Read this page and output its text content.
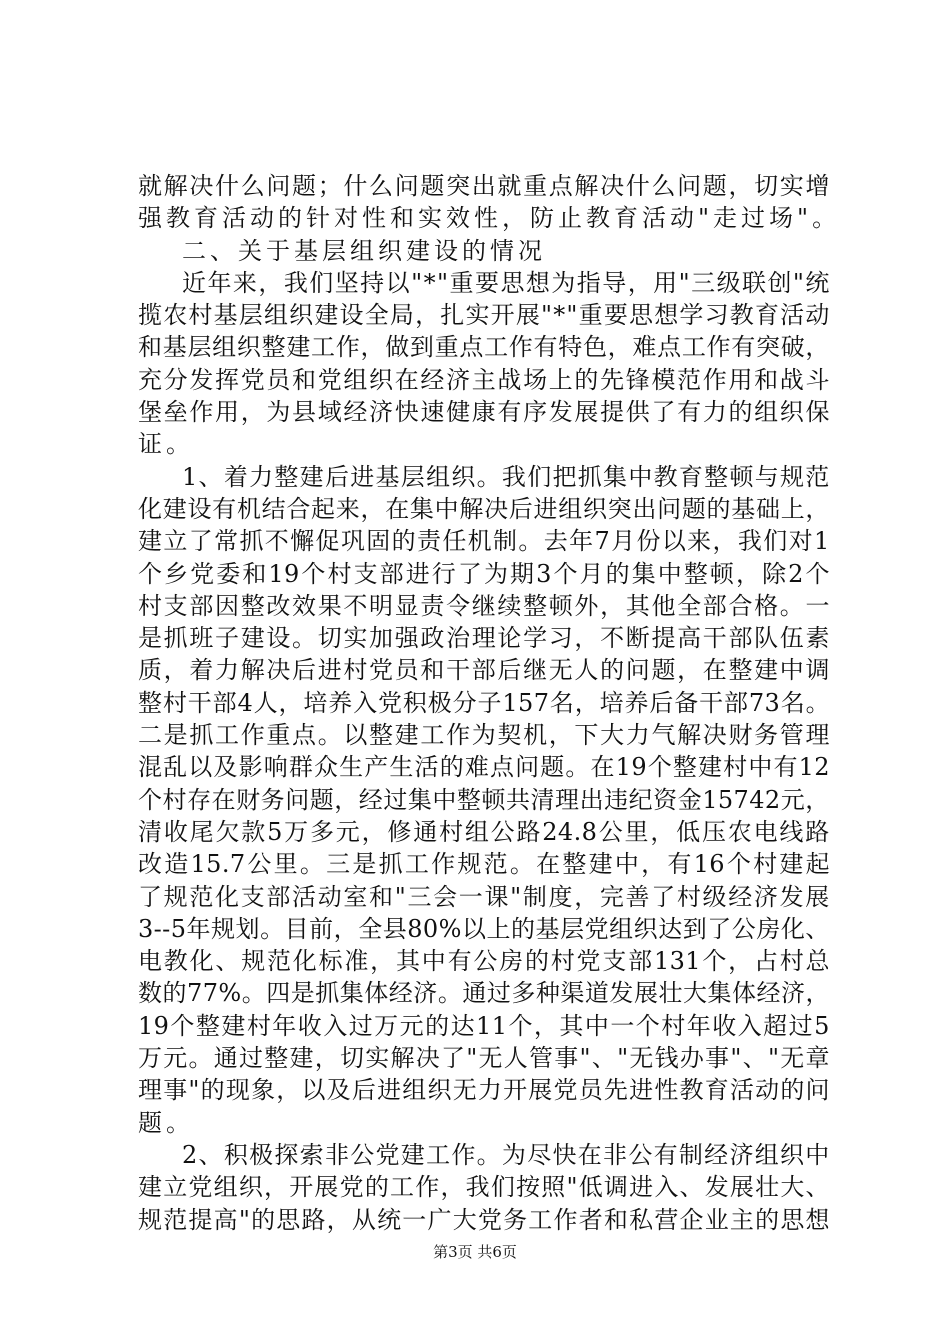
就 解 决 什 么 问 题 ； 什 么 问 题 突 出 就 重 点 解 决 什 么 问 题 ， 切 实 增
强 教 育 活 动 的 针 对 性 和 实 效 性 ， 防 止 教 育 活 动 " 走 过 场 " 。
二 、 关 于 基 层 组 织 建 设 的 情 况
近 年 来 ， 我 们 坚 持 以 " * " 重 要 思 想 为 指 导 ， 用 " 三 级 联 创 " 统
揽 农 村 基 层 组 织 建 设 全 局 ， 扎 实 开 展 " * " 重 要 思 想 学 习 教 育 活 动
和 基 层 组 织 整 建 工 作 ， 做 到 重 点 工 作 有 特 色 ， 难 点 工 作 有 突 破 ，
充 分 发 挥 党 员 和 党 组 织 在 经 济 主 战 场 上 的 先 锋 模 范 作 用 和 战 斗
堡 垒 作 用 ， 为 县 域 经 济 快 速 健 康 有 序 发 展 提 供 了 有 力 的 组 织 保
证 。
1 、 着 力 整 建 后 进 基 层 组 织 。 我 们 把 抓 集 中 教 育 整 顿 与 规 范
化 建 设 有 机 结 合 起 来 ， 在 集 中 解 决 后 进 组 织 突 出 问 题 的 基 础 上 ，
建 立 了 常 抓 不 懈 促 巩 固 的 责 任 机 制 。 去 年 7 月 份 以 来 ， 我 们 对 1
个 乡 党 委 和 19 个 村 支 部 进 行 了 为 期 3 个 月 的 集 中 整 顿 ， 除 2 个
村 支 部 因 整 改 效 果 不 明 显 责 令 继 续 整 顿 外 ， 其 他 全 部 合 格 。 一
是 抓 班 子 建 设 。 切 实 加 强 政 治 理 论 学 习 ， 不 断 提 高 干 部 队 伍 素
质 ， 着 力 解 决 后 进 村 党 员 和 干 部 后 继 无 人 的 问 题 ， 在 整 建 中 调
整 村 干 部 4 人 ， 培 养 入 党 积 极 分 子 157 名 ， 培 养 后 备 干 部 73 名 。
二 是 抓 工 作 重 点 。 以 整 建 工 作 为 契 机 ， 下 大 力 气 解 决 财 务 管 理
混 乱 以 及 影 响 群 众 生 产 生 活 的 难 点 问 题 。 在 19 个 整 建 村 中 有 12
个 村 存 在 财 务 问 题 ， 经 过 集 中 整 顿 共 清 理 出 违 纪 资 金 15742 元 ，
清 收 尾 欠 款 5 万 多 元 ， 修 通 村 组 公 路 24.8 公 里 ， 低 压 农 电 线 路
改 造 15.7 公 里 。 三 是 抓 工 作 规 范 。 在 整 建 中 ， 有 16 个 村 建 起
了 规 范 化 支 部 活 动 室 和 " 三 会 一 课 " 制 度 ， 完 善 了 村 级 经 济 发 展
3--5 年 规 划 。 目 前 ， 全 县 80% 以 上 的 基 层 党 组 织 达 到 了 公 房 化 、
电 教 化 、 规 范 化 标 准 ， 其 中 有 公 房 的 村 党 支 部 131 个 ， 占 村 总
数 的 77% 。 四 是 抓 集 体 经 济 。 通 过 多 种 渠 道 发 展 壮 大 集 体 经 济 ，
19 个 整 建 村 年 收 入 过 万 元 的 达 11 个 ， 其 中 一 个 村 年 收 入 超 过 5
万 元 。 通 过 整 建 ， 切 实 解 决 了 " 无 人 管 事 " 、 " 无 钱 办 事 " 、 " 无 章
理 事 " 的 现 象 ， 以 及 后 进 组 织 无 力 开 展 党 员 先 进 性 教 育 活 动 的 问
题 。
2 、 积 极 探 索 非 公 党 建 工 作 。 为 尽 快 在 非 公 有 制 经 济 组 织 中
建 立 党 组 织 ， 开 展 党 的 工 作 ， 我 们 按 照 " 低 调 进 入 、 发 展 壮 大 、
规 范 提 高 " 的 思 路 ， 从 统 一 广 大 党 务 工 作 者 和 私 营 企 业 主 的 思 想
第3页 共6页
